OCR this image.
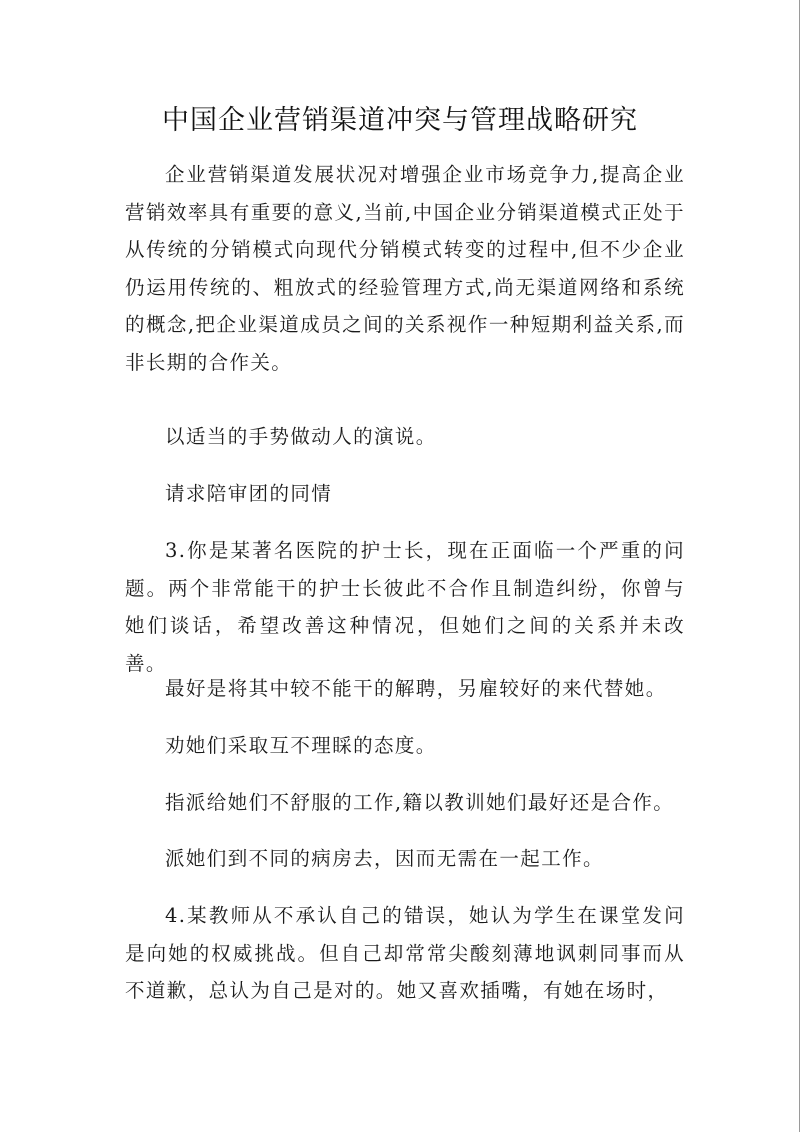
中国企业营销渠道冲突与管理战略研究

企业营销渠道发展状况对增强企业市场竞争力,提高企业营销效率具有重要的意义,当前,中国企业分销渠道模式正处于从传统的分销模式向现代分销模式转变的过程中,但不少企业仍运用传统的、粗放式的经验管理方式,尚无渠道网络和系统的概念,把企业渠道成员之间的关系视作一种短期利益关系,而非长期的合作关。

以适当的手势做动人的演说。

请求陪审团的同情

3.你是某著名医院的护士长，现在正面临一个严重的问题。两个非常能干的护士长彼此不合作且制造纠纷，你曾与她们谈话，希望改善这种情况，但她们之间的关系并未改善。

最好是将其中较不能干的解聘，另雇较好的来代替她。

劝她们采取互不理睬的态度。

指派给她们不舒服的工作,籍以教训她们最好还是合作。

派她们到不同的病房去，因而无需在一起工作。

4.某教师从不承认自己的错误，她认为学生在课堂发问是向她的权威挑战。但自己却常常尖酸刻薄地讽刺同事而从不道歉，总认为自己是对的。她又喜欢插嘴，有她在场时，
